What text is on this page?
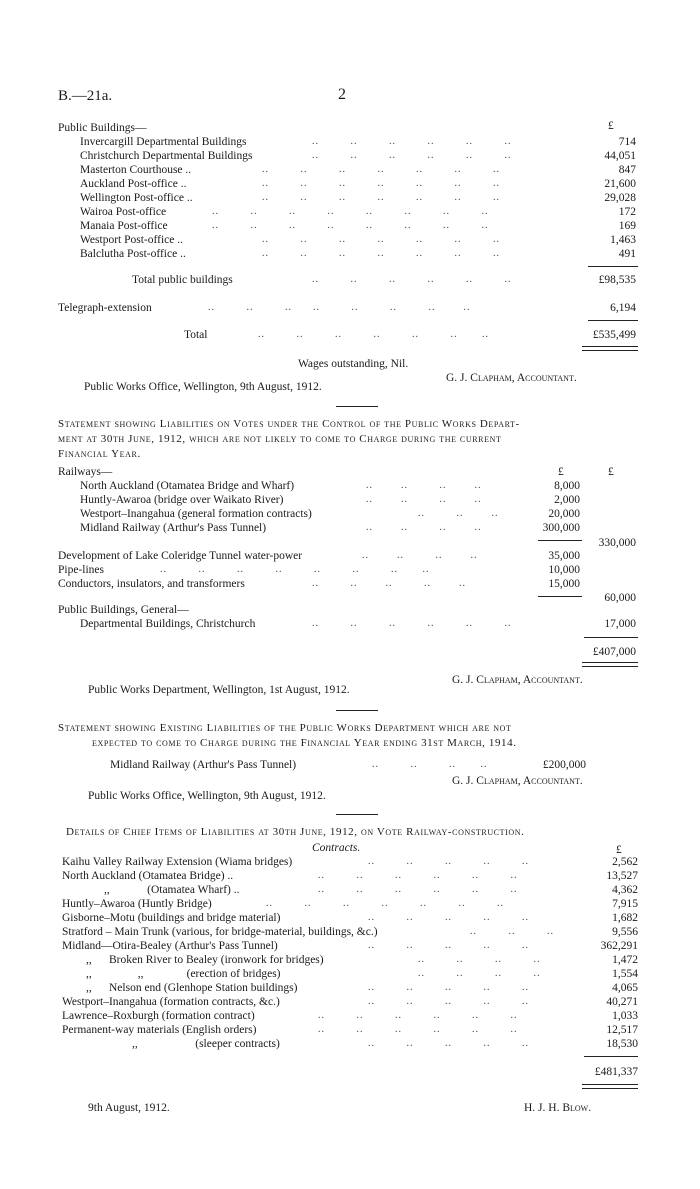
B.—21a.	2
£
Public Buildings—
Invercargill Departmental Buildings	714
Christchurch Departmental Buildings	44,051
Masterton Courthouse ..	847
Auckland Post-office ..	21,600
Wellington Post-office ..	29,028
Wairoa Post-office	172
Manaia Post-office	169
Westport Post-office ..	1,463
Balclutha Post-office ..	491
..         ..         ..         ..         ..         ..
..         ..         ..         ..         ..         ..
..         ..         ..         ..         ..         ..         ..
..         ..         ..         ..         ..         ..         ..
..         ..         ..         ..         ..         ..         ..
..         ..         ..         ..         ..         ..         ..         ..
..         ..         ..         ..         ..         ..         ..         ..
..         ..         ..         ..         ..         ..         ..
..         ..         ..         ..         ..         ..         ..
Total public buildings	..         ..         ..         ..         ..         ..	£98,535
Telegraph-extension	..         ..         ..      ..         ..         ..         ..        ..	6,194
Total	..         ..         ..         ..         ..         ..       ..	£535,499
Wages outstanding, Nil.
G. J. Clapham, Accountant.
Public Works Office, Wellington, 9th August, 1912.
Statement showing Liabilities on Votes under the Control of the Public Works Depart-
ment at 30th June, 1912, which are not likely to come to Charge during the current
Financial Year.
£	£
Railways—
North Auckland (Otamatea Bridge and Wharf)	..        ..         ..        ..	8,000
Huntly-Awaroa (bridge over Waikato River)	..        ..         ..        ..	2,000
Westport–Inangahua (general formation contracts)	..         ..        ..	20,000
Midland Railway (Arthur's Pass Tunnel)	..        ..         ..        ..	300,000
330,000
Development of Lake Coleridge Tunnel water-power	..        ..         ..        ..	35,000
Pipe-lines	..         ..         ..         ..         ..         ..         ..       ..	10,000
Conductors, insulators, and transformers	..         ..        ..         ..        ..	15,000
60,000
Public Buildings, General—
Departmental Buildings, Christchurch	..         ..         ..         ..         ..         ..	17,000
£407,000
G. J. Clapham, Accountant.
Public Works Department, Wellington, 1st August, 1912.
Statement showing Existing Liabilities of the Public Works Department which are not
expected to come to Charge during the Financial Year ending 31st March, 1914.
Midland Railway (Arthur's Pass Tunnel)	..         ..         ..       ..	£200,000
G. J. Clapham, Accountant.
Public Works Office, Wellington, 9th August, 1912.
Details of Chief Items of Liabilities at 30th June, 1912, on Vote Railway-construction.
Contracts.	£
Kaihu Valley Railway Extension (Wiama bridges)	2,562
North Auckland (Otamatea Bridge) ..	13,527
,,             (Otamatea Wharf) ..	4,362
Huntly–Awaroa (Huntly Bridge)	7,915
Gisborne–Motu (buildings and bridge material)	1,682
Stratford – Main Trunk (various, for bridge-material, buildings, &c.)	9,556
Midland—Otira-Bealey (Arthur's Pass Tunnel)	362,291
,,      Broken River to Bealey (ironwork for bridges)	1,472
,,                ,,               (erection of bridges)	1,554
,,      Nelson end (Glenhope Station buildings)	4,065
Westport–Inangahua (formation contracts, &c.)	40,271
Lawrence–Roxburgh (formation contract)	1,033
Permanent-way materials (English orders)	12,517
,,                    (sleeper contracts)	18,530
..         ..         ..         ..         ..
..         ..         ..         ..         ..         ..
..         ..         ..         ..         ..         ..
..         ..         ..         ..         ..         ..         ..
..         ..         ..         ..         ..
..         ..         ..
..         ..         ..         ..         ..
..         ..         ..         ..
..         ..         ..         ..
..         ..         ..         ..         ..
..         ..         ..         ..         ..
..         ..         ..         ..         ..         ..
..         ..         ..         ..         ..         ..
..         ..         ..         ..         ..
£481,337
9th August, 1912.	H. J. H. Blow.
